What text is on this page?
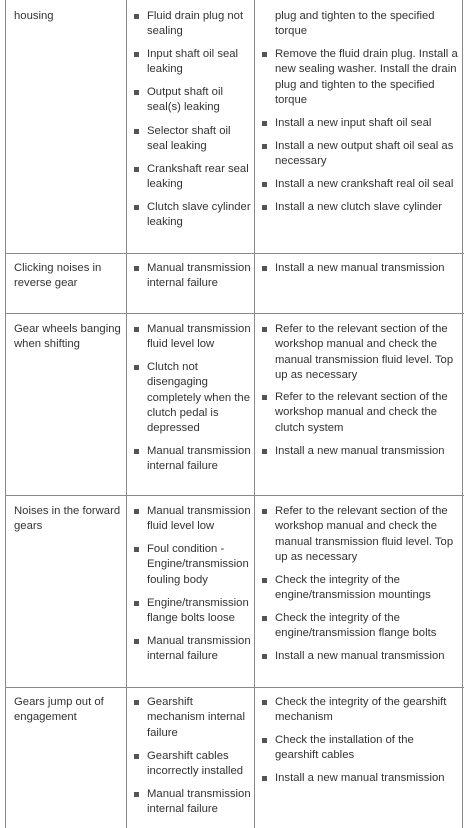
housing	Fluid drain plug not sealing
Input shaft oil seal leaking
Output shaft oil seal(s) leaking
Selector shaft oil seal leaking
Crankshaft rear seal leaking
Clutch slave cylinder leaking
plug and tighten to the specified torque
Remove the fluid drain plug. Install a new sealing washer. Install the drain plug and tighten to the specified torque
Install a new input shaft oil seal
Install a new output shaft oil seal as necessary
Install a new crankshaft real oil seal
Install a new clutch slave cylinder
Clicking noises in reverse gear
Manual transmission internal failure
Install a new manual transmission
Gear wheels banging when shifting
Manual transmission fluid level low
Clutch not disengaging completely when the clutch pedal is depressed
Manual transmission internal failure
Refer to the relevant section of the workshop manual and check the manual transmission fluid level. Top up as necessary
Refer to the relevant section of the workshop manual and check the clutch system
Install a new manual transmission
Noises in the forward gears
Manual transmission fluid level low
Foul condition - Engine/transmission fouling body
Engine/transmission flange bolts loose
Manual transmission internal failure
Refer to the relevant section of the workshop manual and check the manual transmission fluid level. Top up as necessary
Check the integrity of the engine/transmission mountings
Check the integrity of the engine/transmission flange bolts
Install a new manual transmission
Gears jump out of engagement
Gearshift mechanism internal failure
Gearshift cables incorrectly installed
Manual transmission internal failure
Check the integrity of the gearshift mechanism
Check the installation of the gearshift cables
Install a new manual transmission
